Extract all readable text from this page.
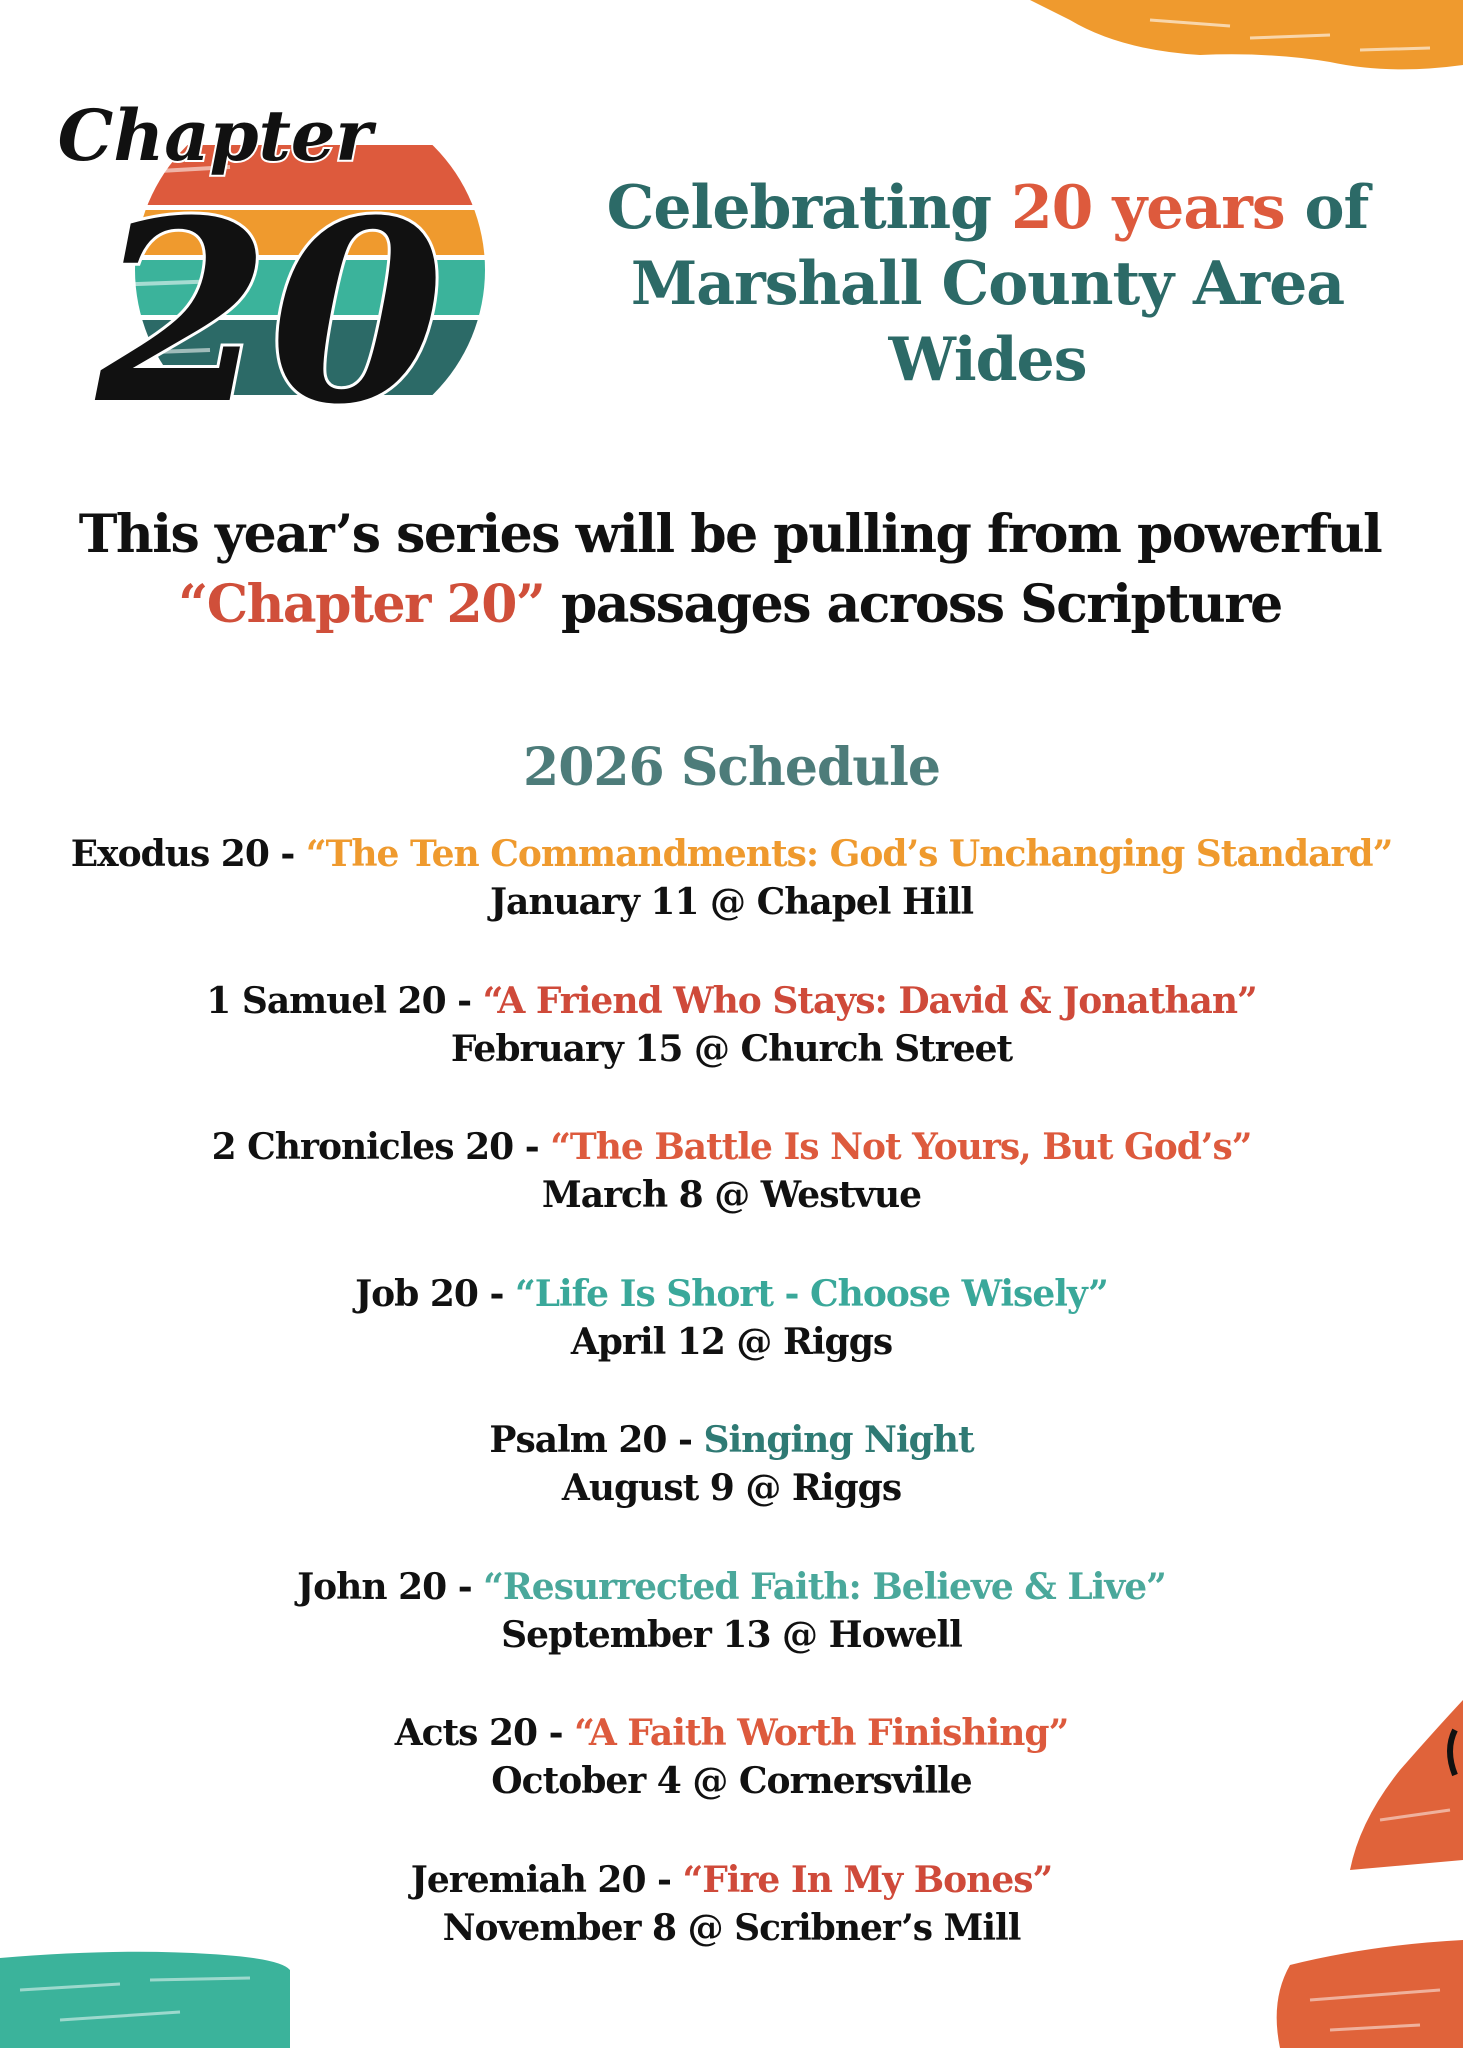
Chapter
20	Celebrating 20 years of
Marshall County Area Wides
This year’s series will be pulling from powerful
“Chapter 20” passages across Scripture
2026 Schedule
Exodus 20 - “The Ten Commandments: God’s Unchanging Standard”
January 11 @ Chapel Hill
1 Samuel 20 - “A Friend Who Stays: David & Jonathan”
February 15 @ Church Street
2 Chronicles 20 - “The Battle Is Not Yours, But God’s”
March 8 @ Westvue
Job 20 - “Life Is Short - Choose Wisely”
April 12 @ Riggs
Psalm 20 - Singing Night
August 9 @ Riggs
John 20 - “Resurrected Faith: Believe & Live”
September 13 @ Howell
Acts 20 - “A Faith Worth Finishing”
October 4 @ Cornersville
Jeremiah 20 - “Fire In My Bones”
November 8 @ Scribner’s Mill
